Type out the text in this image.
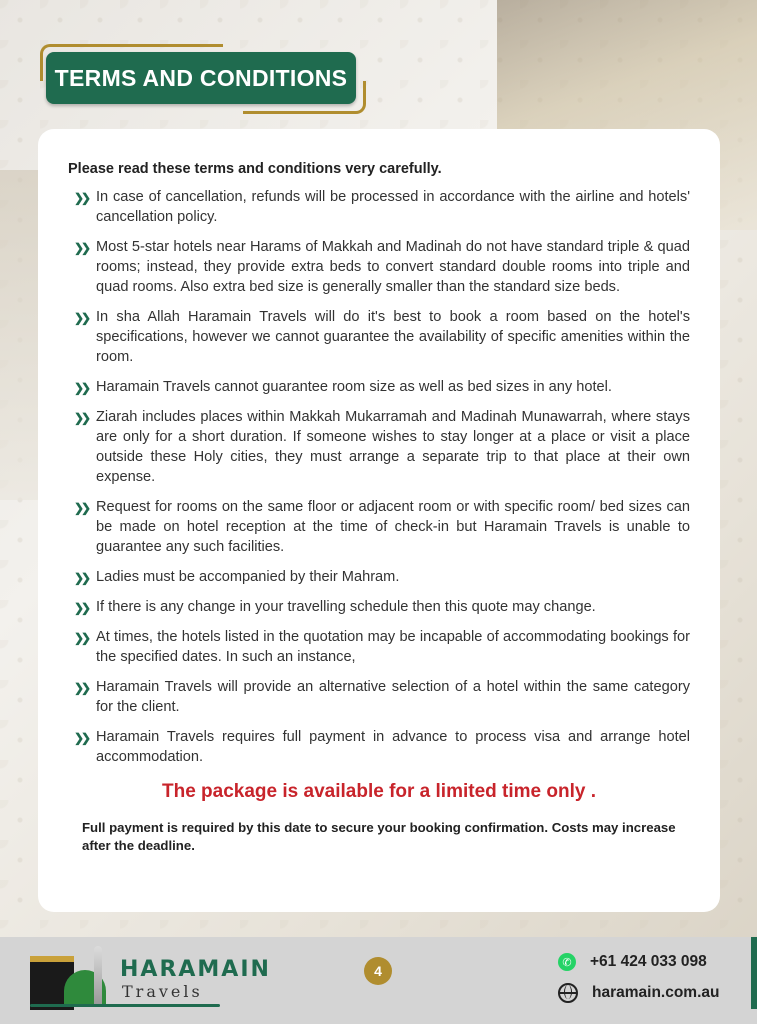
TERMS AND CONDITIONS

Please read these terms and conditions very carefully.

❯❯ In case of cancellation, refunds will be processed in accordance with the airline and hotels' cancellation policy.
❯❯ Most 5-star hotels near Harams of Makkah and Madinah do not have standard triple & quad rooms; instead, they provide extra beds to convert standard double rooms into triple and quad rooms. Also extra bed size is generally smaller than the standard size beds.
❯❯ In sha Allah Haramain Travels will do it's best to book a room based on the hotel's specifications, however we cannot guarantee the availability of specific amenities within the room.
❯❯ Haramain Travels cannot guarantee room size as well as bed sizes in any hotel.
❯❯ Ziarah includes places within Makkah Mukarramah and Madinah Munawarrah, where stays are only for a short duration. If someone wishes to stay longer at a place or visit a place outside these Holy cities, they must arrange a separate trip to that place at their own expense.
❯❯ Request for rooms on the same floor or adjacent room or with specific room/ bed sizes can be made on hotel reception at the time of check-in but Haramain Travels is unable to guarantee any such facilities.
❯❯ Ladies must be accompanied by their Mahram.
❯❯ If there is any change in your travelling schedule then this quote may change.
❯❯ At times, the hotels listed in the quotation may be incapable of accommodating bookings for the specified dates. In such an instance,
❯❯ Haramain Travels will provide an alternative selection of a hotel within the same category for the client.
❯❯ Haramain Travels requires full payment in advance to process visa and arrange hotel accommodation.
The package is available for a limited time only .
Full payment is required by this date to secure your booking confirmation. Costs may increase after the deadline.
HARAMAIN
Travels
4
✆ +61 424 033 098
haramain.com.au
